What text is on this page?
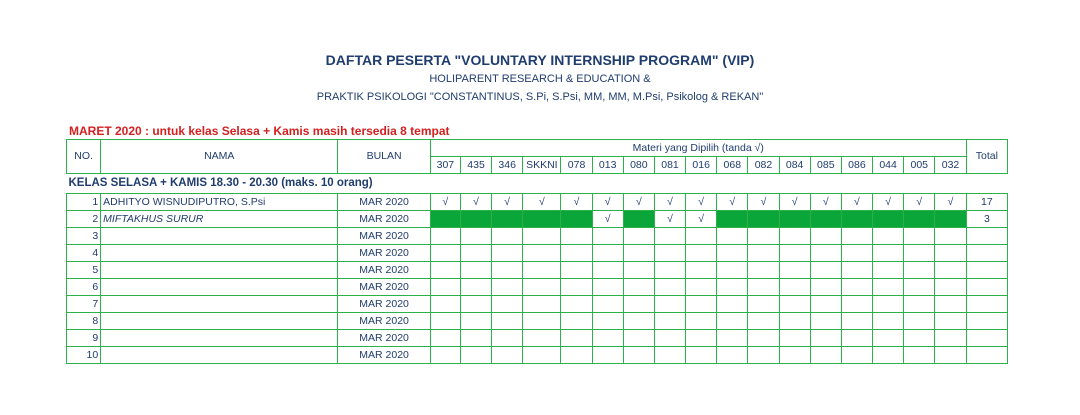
DAFTAR PESERTA "VOLUNTARY INTERNSHIP PROGRAM" (VIP)
HOLIPARENT RESEARCH & EDUCATION &
PRAKTIK PSIKOLOGI "CONSTANTINUS, S.Pi, S.Psi, MM, MM, M.Psi, Psikolog & REKAN"
MARET 2020 : untuk kelas Selasa + Kamis masih tersedia 8 tempat
NO.	NAMA	BULAN	Materi yang Dipilih (tanda √)																	Total
			307	435	346	SKKNI	078	013	080	081	016	068	082	084	085	086	044	005	032	
KELAS SELASA + KAMIS 18.30 - 20.30 (maks. 10 orang)																				
1	ADHITYO WISNUDIPUTRO, S.Psi	MAR 2020	√	√	√	√	√	√	√	√	√	√	√	√	√	√	√	√	√	17
2	MIFTAKHUS SURUR	MAR 2020						√		√	√									3
3		MAR 2020																		
4		MAR 2020																		
5		MAR 2020																		
6		MAR 2020																		
7		MAR 2020																		
8		MAR 2020																		
9		MAR 2020																		
10		MAR 2020																		
